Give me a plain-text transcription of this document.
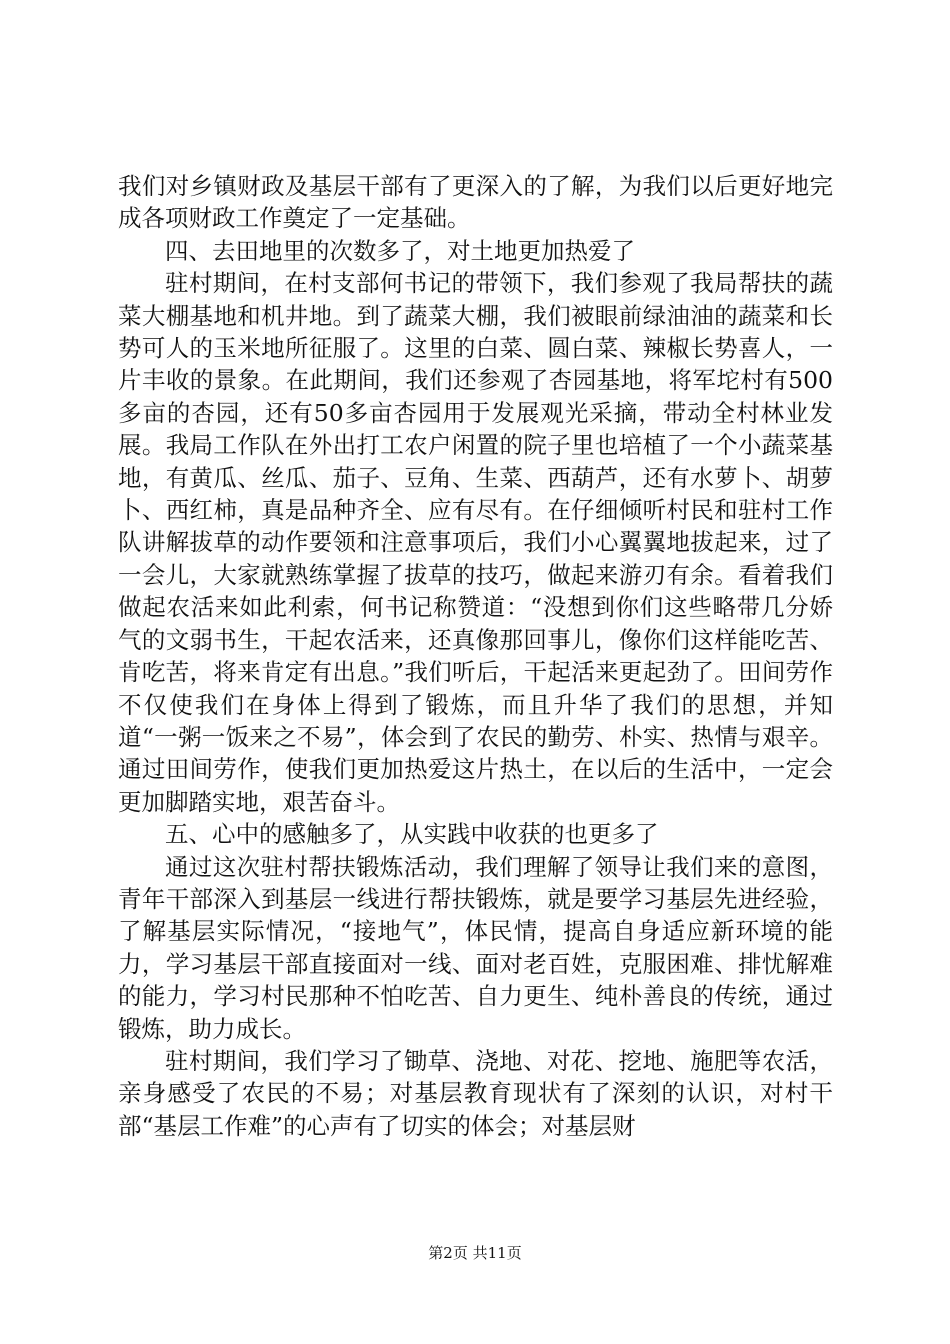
我们对乡镇财政及基层干部有了更深入的了解，为我们以后更好地完成各项财政工作奠定了一定基础。

四、去田地里的次数多了，对土地更加热爱了

驻村期间，在村支部何书记的带领下，我们参观了我局帮扶的蔬菜大棚基地和机井地。到了蔬菜大棚，我们被眼前绿油油的蔬菜和长势可人的玉米地所征服了。这里的白菜、圆白菜、辣椒长势喜人，一片丰收的景象。在此期间，我们还参观了杏园基地，将军坨村有500多亩的杏园，还有50多亩杏园用于发展观光采摘，带动全村林业发展。我局工作队在外出打工农户闲置的院子里也培植了一个小蔬菜基地，有黄瓜、丝瓜、茄子、豆角、生菜、西葫芦，还有水萝卜、胡萝卜、西红柿，真是品种齐全、应有尽有。在仔细倾听村民和驻村工作队讲解拔草的动作要领和注意事项后，我们小心翼翼地拔起来，过了一会儿，大家就熟练掌握了拔草的技巧，做起来游刃有余。看着我们做起农活来如此利索，何书记称赞道：“没想到你们这些略带几分娇气的文弱书生，干起农活来，还真像那回事儿，像你们这样能吃苦、肯吃苦，将来肯定有出息。”我们听后，干起活来更起劲了。田间劳作不仅使我们在身体上得到了锻炼，而且升华了我们的思想，并知道“一粥一饭来之不易”，体会到了农民的勤劳、朴实、热情与艰辛。通过田间劳作，使我们更加热爱这片热土，在以后的生活中，一定会更加脚踏实地，艰苦奋斗。

五、心中的感触多了，从实践中收获的也更多了

通过这次驻村帮扶锻炼活动，我们理解了领导让我们来的意图，青年干部深入到基层一线进行帮扶锻炼，就是要学习基层先进经验，了解基层实际情况，“接地气”，体民情，提高自身适应新环境的能力，学习基层干部直接面对一线、面对老百姓，克服困难、排忧解难的能力，学习村民那种不怕吃苦、自力更生、纯朴善良的传统，通过锻炼，助力成长。

驻村期间，我们学习了锄草、浇地、对花、挖地、施肥等农活，亲身感受了农民的不易；对基层教育现状有了深刻的认识，对村干部“基层工作难”的心声有了切实的体会；对基层财

第2页 共11页
